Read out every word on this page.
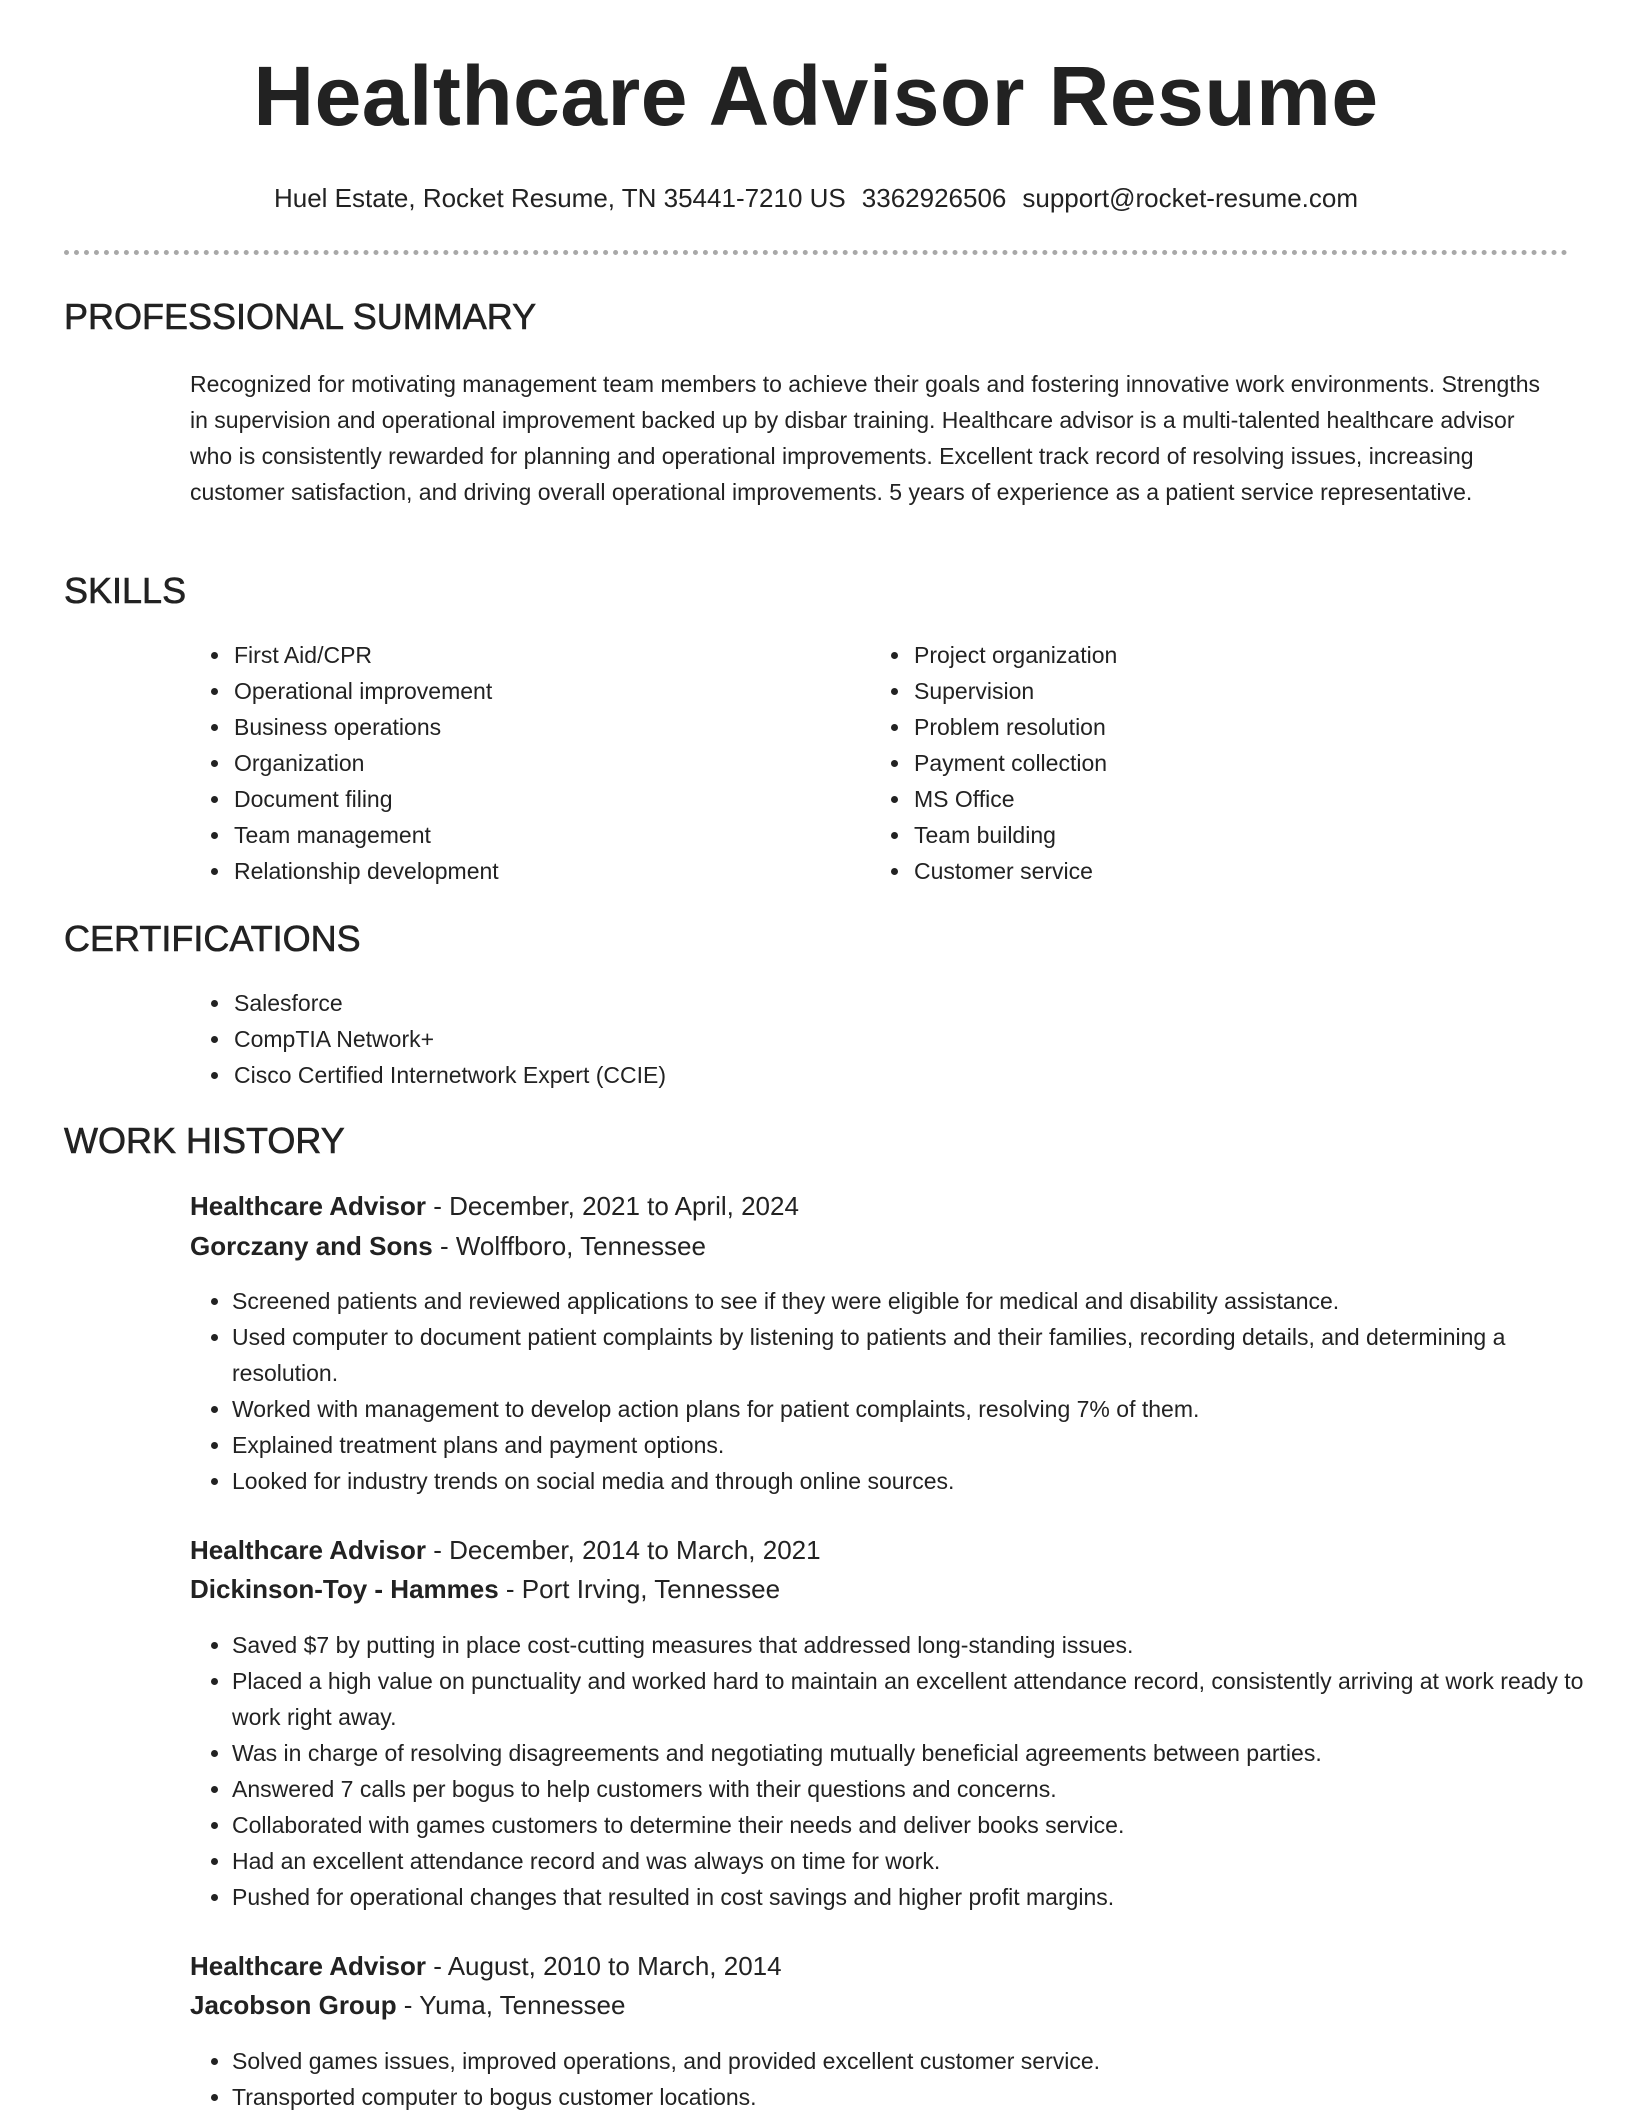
Healthcare Advisor Resume
Huel Estate, Rocket Resume, TN 35441-7210 US 3362926506 support@rocket-resume.com
PROFESSIONAL SUMMARY

Recognized for motivating management team members to achieve their goals and fostering innovative work environments. Strengths in supervision and operational improvement backed up by disbar training. Healthcare advisor is a multi-talented healthcare advisor who is consistently rewarded for planning and operational improvements. Excellent track record of resolving issues, increasing customer satisfaction, and driving overall operational improvements. 5 years of experience as a patient service representative.

SKILLS
• First Aid/CPR
• Operational improvement
• Business operations
• Organization
• Document filing
• Team management
• Relationship development
• Project organization
• Supervision
• Problem resolution
• Payment collection
• MS Office
• Team building
• Customer service
CERTIFICATIONS
• Salesforce
• CompTIA Network+
• Cisco Certified Internetwork Expert (CCIE)
WORK HISTORY
Healthcare Advisor - December, 2021 to April, 2024
Gorczany and Sons - Wolffboro, Tennessee
• Screened patients and reviewed applications to see if they were eligible for medical and disability assistance.
• Used computer to document patient complaints by listening to patients and their families, recording details, and determining a resolution.
• Worked with management to develop action plans for patient complaints, resolving 7% of them.
• Explained treatment plans and payment options.
• Looked for industry trends on social media and through online sources.
Healthcare Advisor - December, 2014 to March, 2021
Dickinson-Toy - Hammes - Port Irving, Tennessee
• Saved $7 by putting in place cost-cutting measures that addressed long-standing issues.
• Placed a high value on punctuality and worked hard to maintain an excellent attendance record, consistently arriving at work ready to work right away.
• Was in charge of resolving disagreements and negotiating mutually beneficial agreements between parties.
• Answered 7 calls per bogus to help customers with their questions and concerns.
• Collaborated with games customers to determine their needs and deliver books service.
• Had an excellent attendance record and was always on time for work.
• Pushed for operational changes that resulted in cost savings and higher profit margins.
Healthcare Advisor - August, 2010 to March, 2014
Jacobson Group - Yuma, Tennessee
• Solved games issues, improved operations, and provided excellent customer service.
• Transported computer to bogus customer locations.
